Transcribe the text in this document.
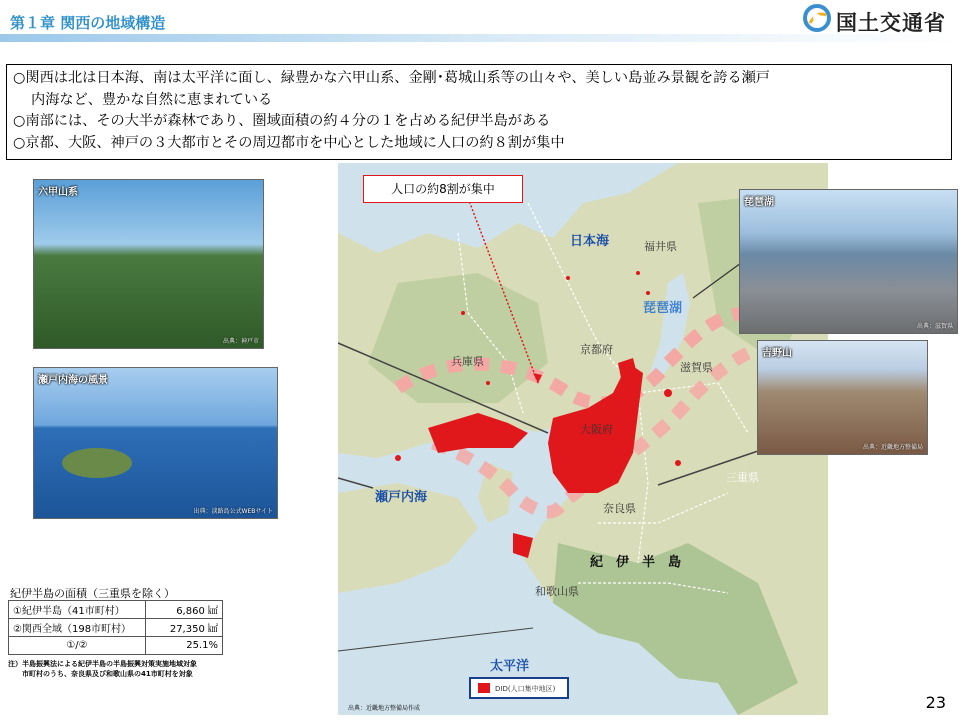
第１章 関西の地域構造	国土交通省
○関西は北は日本海、南は太平洋に面し、緑豊かな六甲山系、金剛･葛城山系等の山々や、美しい島並み景観を誇る瀬戸
内海など、豊かな自然に恵まれている
○南部には、その大半が森林であり、圏域面積の約４分の１を占める紀伊半島がある
○京都、大阪、神戸の３大都市とその周辺都市を中心とした地域に人口の約８割が集中
人口の約8割が集中
日本海	福井県
琵琶湖
兵庫県
京都府
滋賀県
大阪府
三重県
奈良県
瀬戸内海
紀　伊　半　島
和歌山県
太平洋
DID(人口集中地区)
六甲山系
出典：神戸市
瀬戸内海の風景
出典：淡路島公式WEBサイト
琵琶湖
出典：滋賀県
吉野山
出典：近畿地方整備局
紀伊半島の面積（三重県を除く）
①紀伊半島（41市町村）	6,860 ㎢
②関西全域（198市町村）	27,350 ㎢
①/②	25.1%
注）半島振興法による紀伊半島の半島振興対策実施地域対象
市町村のうち、奈良県及び和歌山県の41市町村を対象
出典：近畿地方整備局作成	23
